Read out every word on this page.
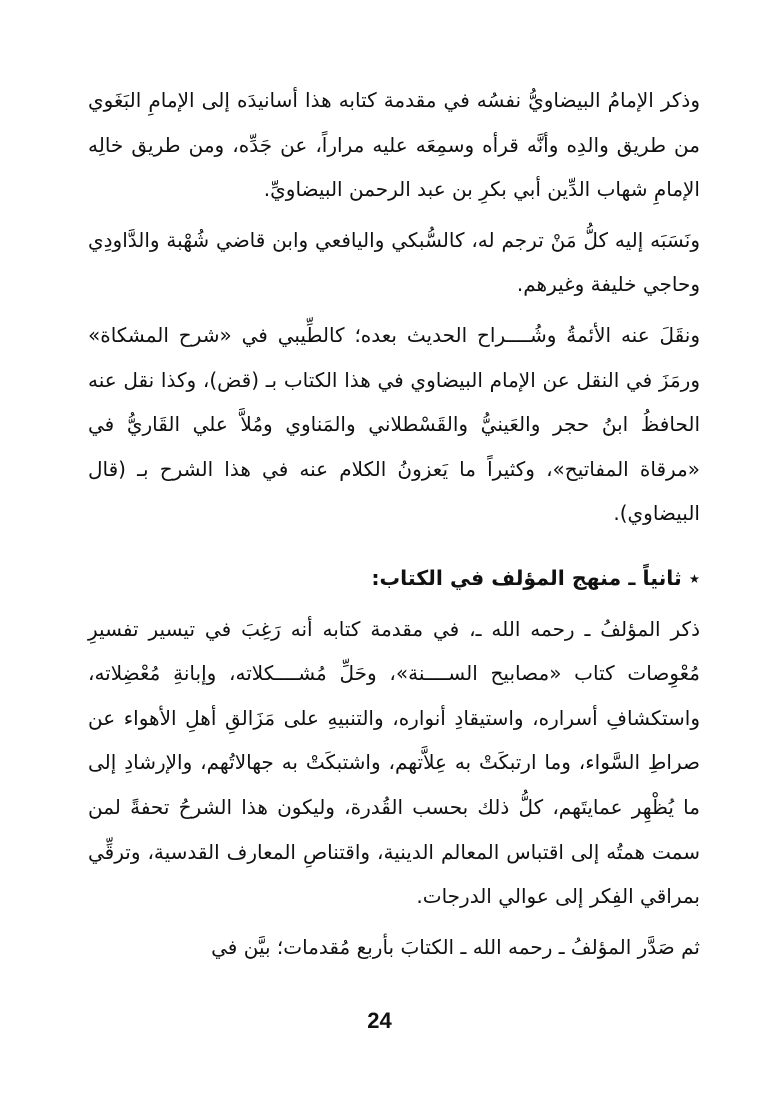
وذكر الإمامُ البيضاويُّ نفسُه في مقدمة كتابه هذا أسانيدَه إلى الإمامِ البَغَوي من طريق والدِه وأنَّه قرأه وسمِعَه عليه مراراً، عن جَدِّه، ومن طريق خالِه الإمامِ شهاب الدِّين أبي بكرِ بن عبد الرحمن البيضاويِّ.

ونَسَبَه إليه كلُّ مَنْ ترجم له، كالسُّبكي واليافعي وابن قاضي شُهْبة والدَّاودِي وحاجي خليفة وغيرهم.

ونقَلَ عنه الأئمةُ وشُــــراح الحديث بعده؛ كالطِّيبي في «شرح المشكاة» ورمَزَ في النقل عن الإمام البيضاوي في هذا الكتاب بـ (قض)، وكذا نقل عنه الحافظُ ابنُ حجر والعَينيُّ والقَسْطلاني والمَناوي ومُلاَّ علي القَاريُّ في «مرقاة المفاتيح»، وكثيراً ما يَعزونُ الكلام عنه في هذا الشرح بـ (قال البيضاوي).

٭ ثانياً ـ منهج المؤلف في الكتاب:

ذكر المؤلفُ ـ رحمه الله ـ، في مقدمة كتابه أنه رَغِبَ في تيسير تفسيرِ مُعْوِصات كتاب «مصابيح الســــنة»، وحَلِّ مُشــــكلاته، وإبانةِ مُعْضِلاته، واستكشافِ أسراره، واستيقادِ أنواره، والتنبيهِ على مَزَالقِ أهلِ الأهواء عن صراطِ السَّواء، وما ارتبكَتْ به عِلاَّتهم، واشتبكَتْ به جهالاتُهم، والإرشادِ إلى ما يُظْهِر عمايتَهم، كلُّ ذلك بحسب القُدرة، وليكون هذا الشرحُ تحفةً لمن سمت همتُه إلى اقتباس المعالم الدينية، واقتناصِ المعارف القدسية، وترقِّي بمراقي الفِكر إلى عوالي الدرجات.

ثم صَدَّر المؤلفُ ـ رحمه الله ـ الكتابَ بأربع مُقدمات؛ بيَّن في

24
